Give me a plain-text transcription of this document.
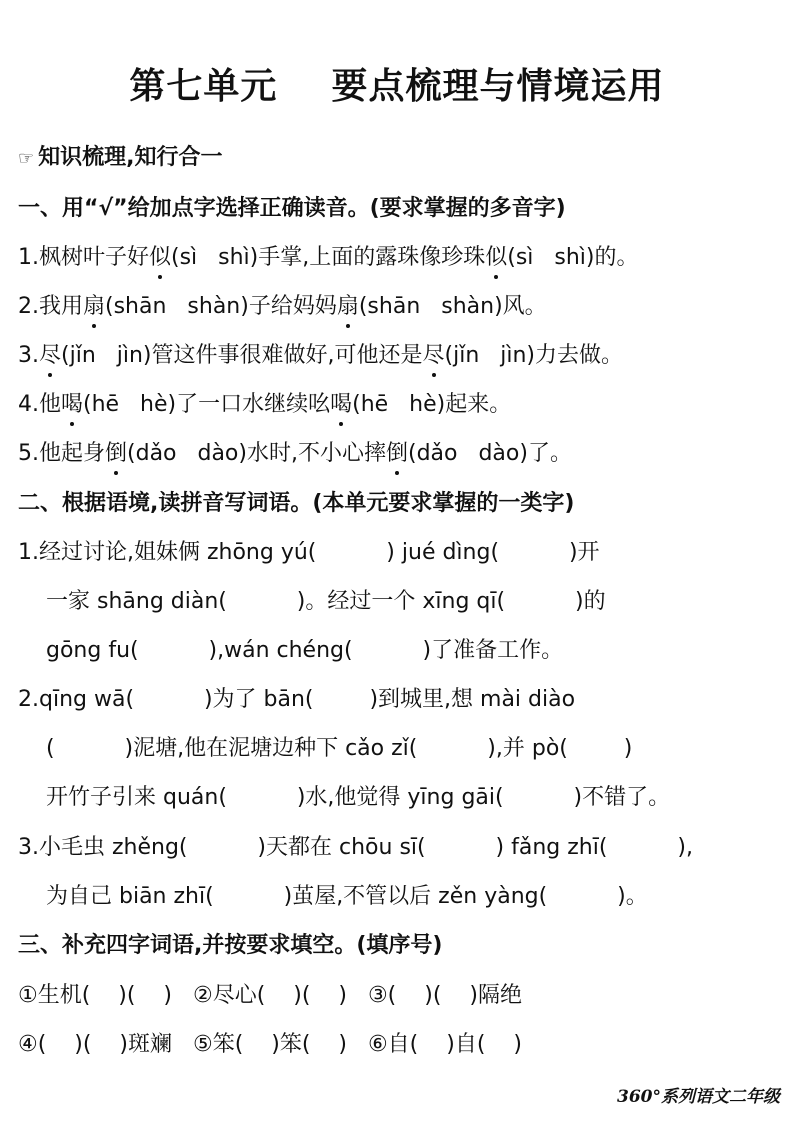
第七单元    要点梳理与情境运用
☞ 知识梳理,知行合一
一、用“√”给加点字选择正确读音。(要求掌握的多音字)
1.枫树叶子好似(sì   shì)手掌,上面的露珠像珍珠似(sì   shì)的。
2.我用扇(shān   shàn)子给妈妈扇(shān   shàn)风。
3.尽(jǐn   jìn)管这件事很难做好,可他还是尽(jǐn   jìn)力去做。
4.他喝(hē   hè)了一口水继续吆喝(hē   hè)起来。
5.他起身倒(dǎo   dào)水时,不小心摔倒(dǎo   dào)了。
二、根据语境,读拼音写词语。(本单元要求掌握的一类字)
1.经过讨论,姐妹俩 zhōng yú(          ) jué dìng(          )开
一家 shāng diàn(          )。经过一个 xīng qī(          )的
gōng fu(          ),wán chéng(          )了准备工作。
2.qīng wā(          )为了 bān(        )到城里,想 mài diào
(          )泥塘,他在泥塘边种下 cǎo zǐ(          ),并 pò(        )
开竹子引来 quán(          )水,他觉得 yīng gāi(          )不错了。
3.小毛虫 zhěng(          )天都在 chōu sī(          ) fǎng zhī(          ),
为自己 biān zhī(          )茧屋,不管以后 zěn yàng(          )。
三、补充四字词语,并按要求填空。(填序号)
①生机(    )(    )   ②尽心(    )(    )   ③(    )(    )隔绝
④(    )(    )斑斓   ⑤笨(    )笨(    )   ⑥自(    )自(    )
360°系列语文二年级
